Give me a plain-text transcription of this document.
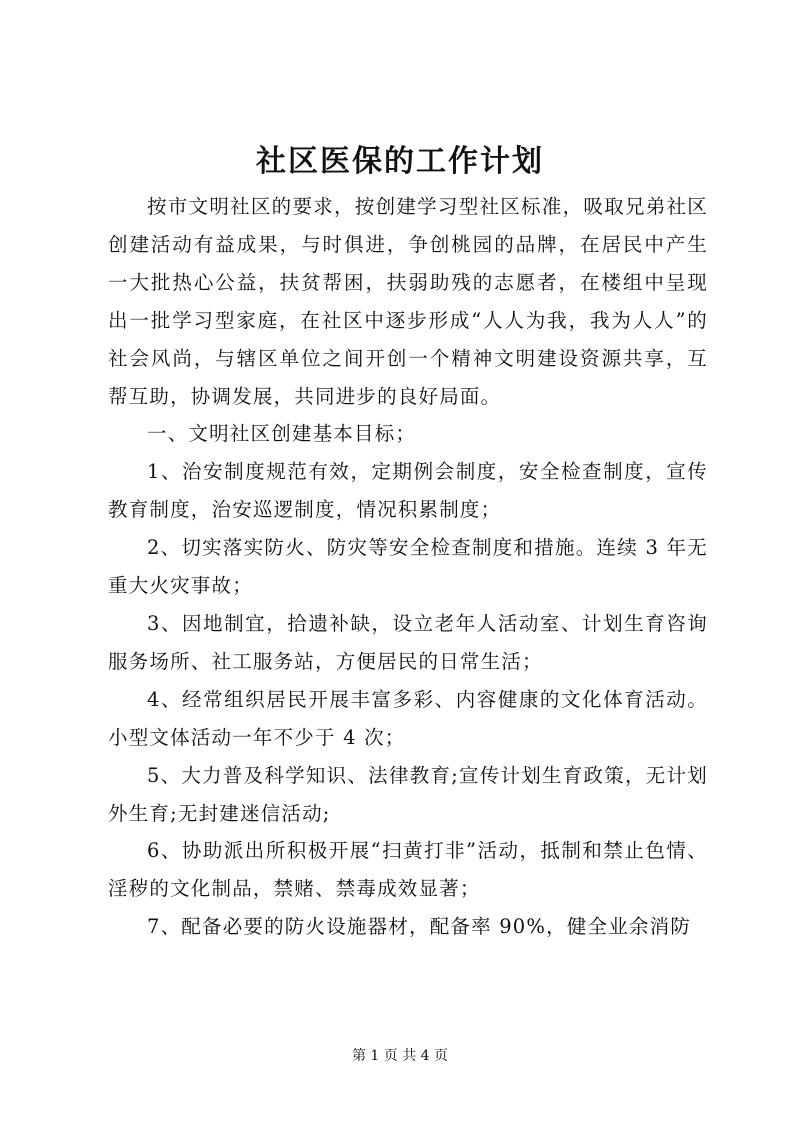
社区医保的工作计划

按市文明社区的要求，按创建学习型社区标准，吸取兄弟社区创建活动有益成果，与时俱进，争创桃园的品牌，在居民中产生一大批热心公益，扶贫帮困，扶弱助残的志愿者，在楼组中呈现出一批学习型家庭，在社区中逐步形成“人人为我，我为人人”的社会风尚，与辖区单位之间开创一个精神文明建设资源共享，互帮互助，协调发展，共同进步的良好局面。

一、文明社区创建基本目标；

1、治安制度规范有效，定期例会制度，安全检查制度，宣传教育制度，治安巡逻制度，情况积累制度；

2、切实落实防火、防灾等安全检查制度和措施。连续 3 年无重大火灾事故；

3、因地制宜，拾遗补缺，设立老年人活动室、计划生育咨询服务场所、社工服务站，方便居民的日常生活；

4、经常组织居民开展丰富多彩、内容健康的文化体育活动。小型文体活动一年不少于 4 次；

5、大力普及科学知识、法律教育;宣传计划生育政策，无计划外生育;无封建迷信活动;

6、协助派出所积极开展“扫黄打非”活动，抵制和禁止色情、淫秽的文化制品，禁赌、禁毒成效显著；

7、配备必要的防火设施器材，配备率 90%，健全业余消防

第 1 页 共 4 页
